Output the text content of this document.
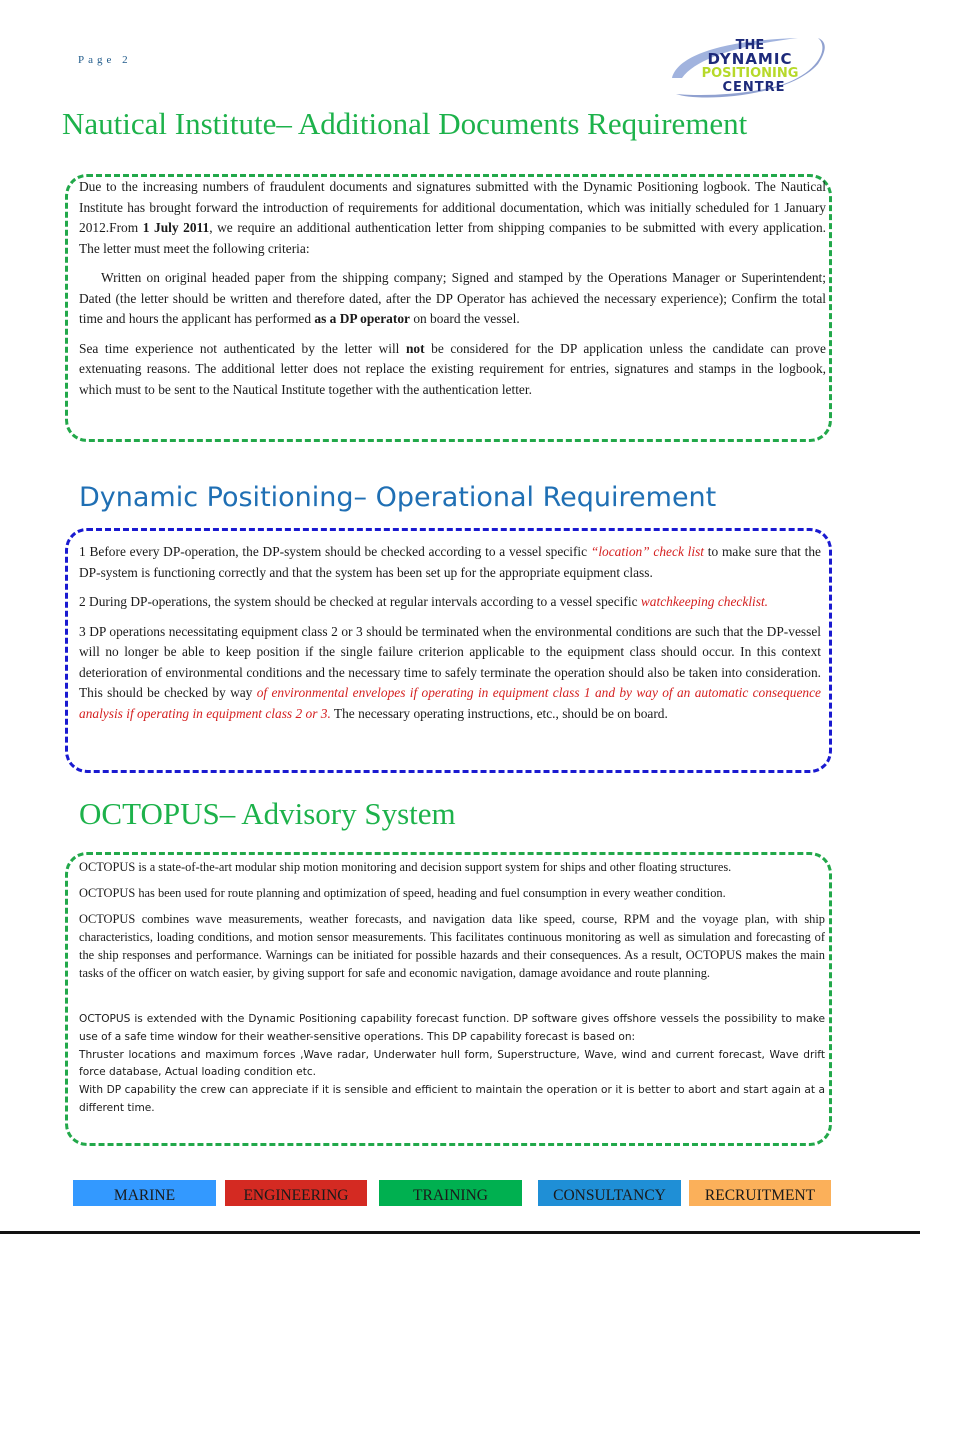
Page 2
THE
DYNAMIC
POSITIONING
CENTRE
Nautical Institute– Additional Documents Requirement

Due to the increasing numbers of fraudulent documents and signatures submitted with the Dynamic Positioning logbook. The Nautical Institute has brought forward the introduction of requirements for additional documentation, which was initially scheduled for 1 January 2012.From 1 July 2011, we require an additional authentication letter from shipping companies to be submitted with every application. The letter must meet the following criteria:

Written on original headed paper from the shipping company; Signed and stamped by the Operations Manager or Superintendent; Dated (the letter should be written and therefore dated, after the DP Operator has achieved the necessary experience); Confirm the total time and hours the applicant has performed as a DP operator on board the vessel.

Sea time experience not authenticated by the letter will not be considered for the DP application unless the candidate can prove extenuating reasons. The additional letter does not replace the existing requirement for entries, signatures and stamps in the logbook, which must to be sent to the Nautical Institute together with the authentication letter.

Dynamic Positioning– Operational Requirement

1 Before every DP-operation, the DP-system should be checked according to a vessel specific “location” check list to make sure that the DP-system is functioning correctly and that the system has been set up for the appropriate equipment class.

2 During DP-operations, the system should be checked at regular intervals according to a vessel specific watchkeeping checklist.

3 DP operations necessitating equipment class 2 or 3 should be terminated when the environmental conditions are such that the DP-vessel will no longer be able to keep position if the single failure criterion applicable to the equipment class should occur. In this context deterioration of environmental conditions and the necessary time to safely terminate the operation should also be taken into consideration. This should be checked by way of environmental envelopes if operating in equipment class 1 and by way of an automatic consequence analysis if operating in equipment class 2 or 3. The necessary operating instructions, etc., should be on board.

OCTOPUS– Advisory System

OCTOPUS is a state-of-the-art modular ship motion monitoring and decision support system for ships and other floating structures.

OCTOPUS has been used for route planning and optimization of speed, heading and fuel consumption in every weather condition.

OCTOPUS combines wave measurements, weather forecasts, and navigation data like speed, course, RPM and the voyage plan, with ship characteristics, loading conditions, and motion sensor measurements. This facilitates continuous monitoring as well as simulation and forecasting of the ship responses and performance. Warnings can be initiated for possible hazards and their consequences. As a result, OCTOPUS makes the main tasks of the officer on watch easier, by giving support for safe and economic navigation, damage avoidance and route planning.

OCTOPUS is extended with the Dynamic Positioning capability forecast function. DP software gives offshore vessels the possibility to make use of a safe time window for their weather-sensitive operations. This DP capability forecast is based on:
Thruster locations and maximum forces ,Wave radar, Underwater hull form, Superstructure, Wave, wind and current forecast, Wave drift force database, Actual loading condition etc.
With DP capability the crew can appreciate if it is sensible and efficient to maintain the operation or it is better to abort and start again at a different time.
MARINE	ENGINEERING	TRAINING	CONSULTANCY	RECRUITMENT
